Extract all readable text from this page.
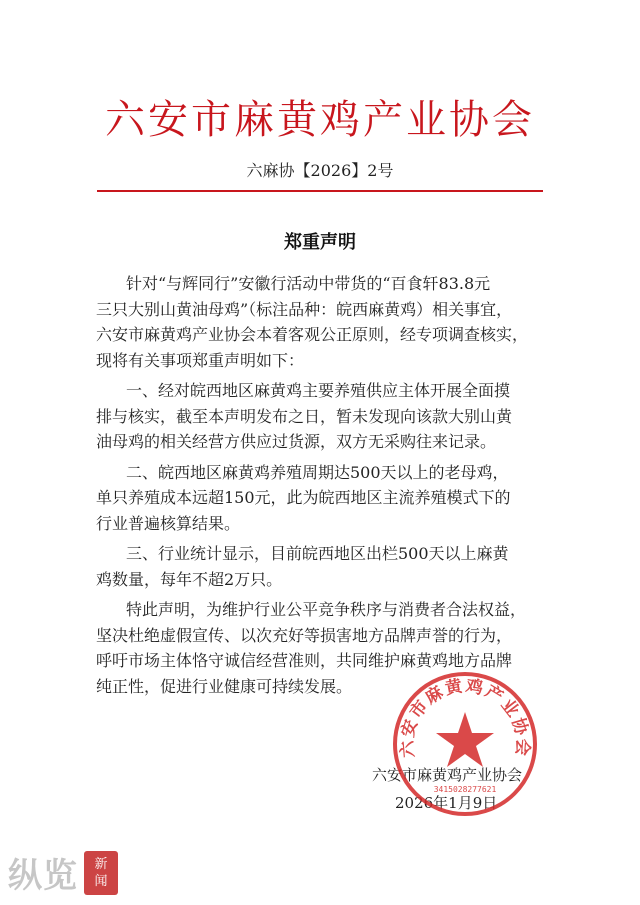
六安市麻黄鸡产业协会
六麻协【2026】2号
郑重声明

针对“与辉同行”安徽行活动中带货的“百食轩83.8元
三只大别山黄油母鸡”（标注品种：皖西麻黄鸡）相关事宜，
六安市麻黄鸡产业协会本着客观公正原则，经专项调查核实，
现将有关事项郑重声明如下：

一、经对皖西地区麻黄鸡主要养殖供应主体开展全面摸
排与核实，截至本声明发布之日，暂未发现向该款大别山黄
油母鸡的相关经营方供应过货源，双方无采购往来记录。

二、皖西地区麻黄鸡养殖周期达500天以上的老母鸡，
单只养殖成本远超150元，此为皖西地区主流养殖模式下的
行业普遍核算结果。

三、行业统计显示，目前皖西地区出栏500天以上麻黄
鸡数量，每年不超2万只。

特此声明，为维护行业公平竞争秩序与消费者合法权益，
坚决杜绝虚假宣传、以次充好等损害地方品牌声誉的行为，
呼吁市场主体恪守诚信经营准则，共同维护麻黄鸡地方品牌
纯正性，促进行业健康可持续发展。

六安市麻黄鸡产业协会
2026年1月9日
六安市麻黄鸡产业协会
3415028277621
纵览	新
闻
